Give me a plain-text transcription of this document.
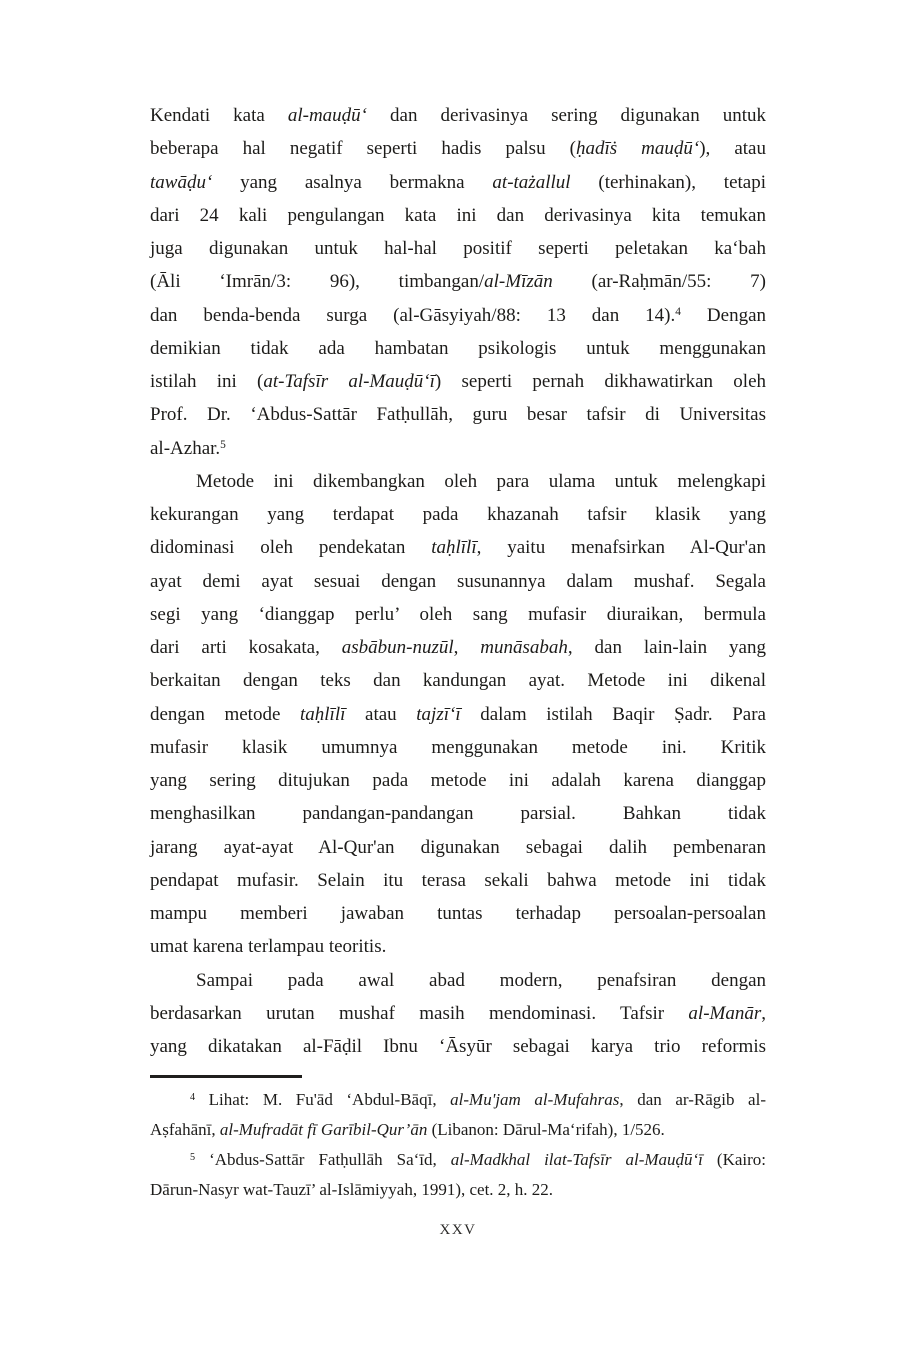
Kendati kata al-mauḍū‘ dan derivasinya sering digunakan untuk
beberapa hal negatif seperti hadis palsu (ḥadīṡ mauḍū‘), atau
tawāḍu‘ yang asalnya bermakna at-tażallul (terhinakan), tetapi
dari 24 kali pengulangan kata ini dan derivasinya kita temukan
juga digunakan untuk hal-hal positif seperti peletakan ka‘bah
(Āli ‘Imrān/3: 96), timbangan/al-Mīzān (ar-Raḥmān/55: 7)
dan benda-benda surga (al-Gāsyiyah/88: 13 dan 14).$^4$ Dengan
demikian tidak ada hambatan psikologis untuk menggunakan
istilah ini (at-Tafsīr al-Mauḍū‘ī) seperti pernah dikhawatirkan oleh
Prof. Dr. ‘Abdus-Sattār Fatḥullāh, guru besar tafsir di Universitas
al-Azhar.$^5$
Metode ini dikembangkan oleh para ulama untuk melengkapi
kekurangan yang terdapat pada khazanah tafsir klasik yang
didominasi oleh pendekatan taḥlīlī, yaitu menafsirkan Al-Qur'an
ayat demi ayat sesuai dengan susunannya dalam mushaf. Segala
segi yang ‘dianggap perlu’ oleh sang mufasir diuraikan, bermula
dari arti kosakata, asbābun-nuzūl, munāsabah, dan lain-lain yang
berkaitan dengan teks dan kandungan ayat. Metode ini dikenal
dengan metode taḥlīlī atau tajzī‘ī dalam istilah Baqir Ṣadr. Para
mufasir klasik umumnya menggunakan metode ini. Kritik
yang sering ditujukan pada metode ini adalah karena dianggap
menghasilkan pandangan-pandangan parsial. Bahkan tidak
jarang ayat-ayat Al-Qur'an digunakan sebagai dalih pembenaran
pendapat mufasir. Selain itu terasa sekali bahwa metode ini tidak
mampu memberi jawaban tuntas terhadap persoalan-persoalan
umat karena terlampau teoritis.
Sampai pada awal abad modern, penafsiran dengan
berdasarkan urutan mushaf masih mendominasi. Tafsir al-Manār,
yang dikatakan al-Fāḍil Ibnu ‘Āsyūr sebagai karya trio reformis
$^4$ Lihat: M. Fu'ād ‘Abdul-Bāqī, al-Mu'jam al-Mufahras, dan ar-Rāgib al-
Aṣfahānī, al-Mufradāt fī Garībil-Qur’ān (Libanon: Dārul-Ma‘rifah), 1/526.
$^5$ ‘Abdus-Sattār Fatḥullāh Sa‘īd, al-Madkhal ilat-Tafsīr al-Mauḍū‘ī (Kairo:
Dārun-Nasyr wat-Tauzī’ al-Islāmiyyah, 1991), cet. 2, h. 22.
XXV
